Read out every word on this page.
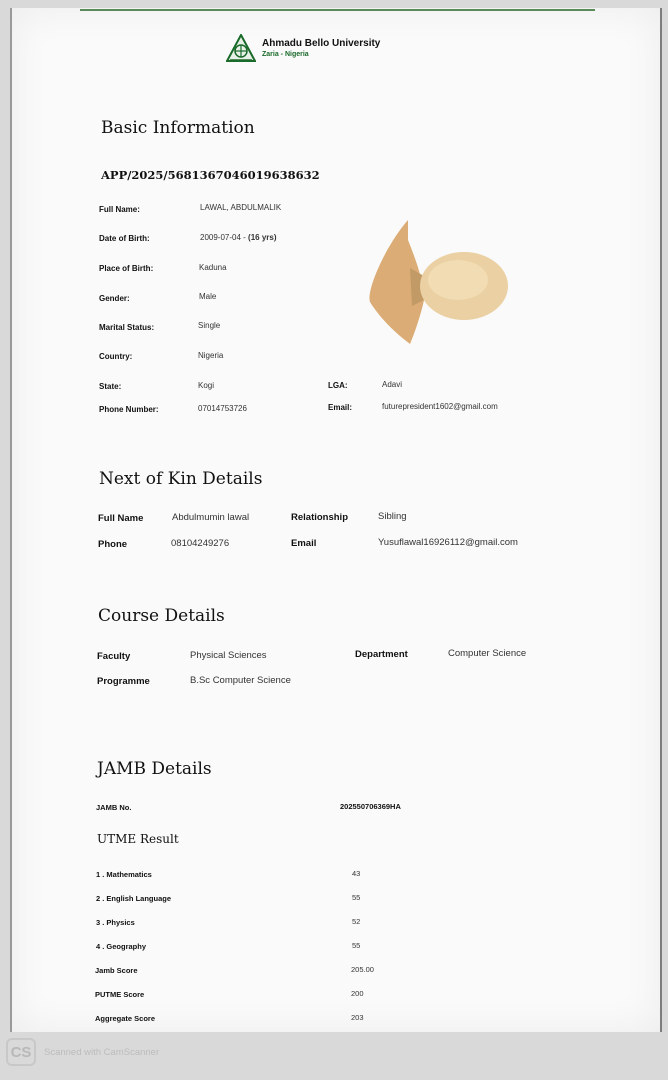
Ahmadu Bello University
Zaria - Nigeria
Basic Information
APP/2025/5681367046019638632
Full Name:	LAWAL, ABDULMALIK
Date of Birth:	2009-07-04 - (16 yrs)
Place of Birth:	Kaduna
Gender:	Male
Marital Status:	Single
Country:	Nigeria
State:	Kogi	LGA:	Adavi
Phone Number:	07014753726	Email:	futurepresident1602@gmail.com
Next of Kin Details
Full Name	Abdulmumin lawal	Relationship	Sibling
Phone	08104249276	Email	Yusuflawal16926112@gmail.com
Course Details
Faculty	Physical Sciences	Department	Computer Science
Programme	B.Sc Computer Science
JAMB Details
JAMB No.	202550706369HA
UTME Result
1 . Mathematics	43
2 . English Language	55
3 . Physics	52
4 . Geography	55
Jamb Score	205.00
PUTME Score	200
Aggregate Score	203
CS	Scanned with CamScanner
